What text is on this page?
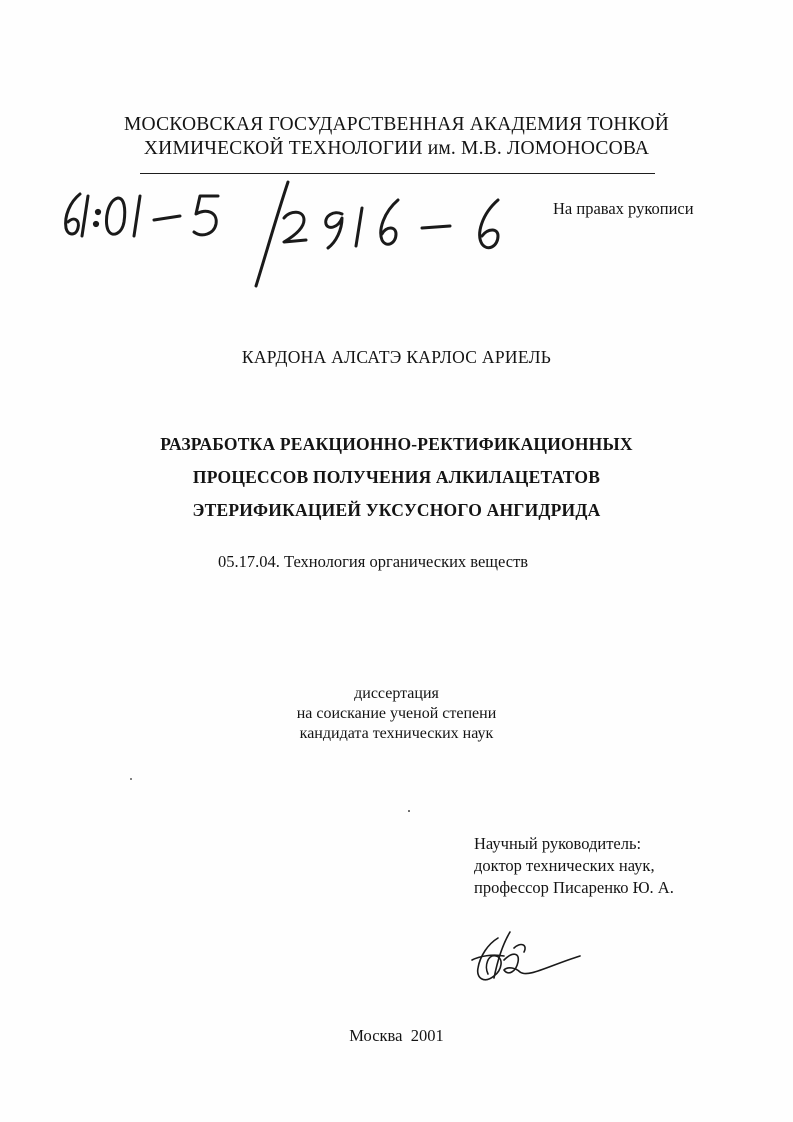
МОСКОВСКАЯ ГОСУДАРСТВЕННАЯ АКАДЕМИЯ ТОНКОЙ
ХИМИЧЕСКОЙ ТЕХНОЛОГИИ им. М.В. ЛОМОНОСОВА
На правах рукописи
КАРДОНА АЛСАТЭ КАРЛОС АРИЕЛЬ
РАЗРАБОТКА РЕАКЦИОННО-РЕКТИФИКАЦИОННЫХ
ПРОЦЕССОВ ПОЛУЧЕНИЯ АЛКИЛАЦЕТАТОВ
ЭТЕРИФИКАЦИЕЙ УКСУСНОГО АНГИДРИДА
05.17.04. Технология органических веществ
диссертация
на соискание ученой степени
кандидата технических наук
Научный руководитель:
доктор технических наук,
профессор Писаренко Ю. А.
Москва  2001
